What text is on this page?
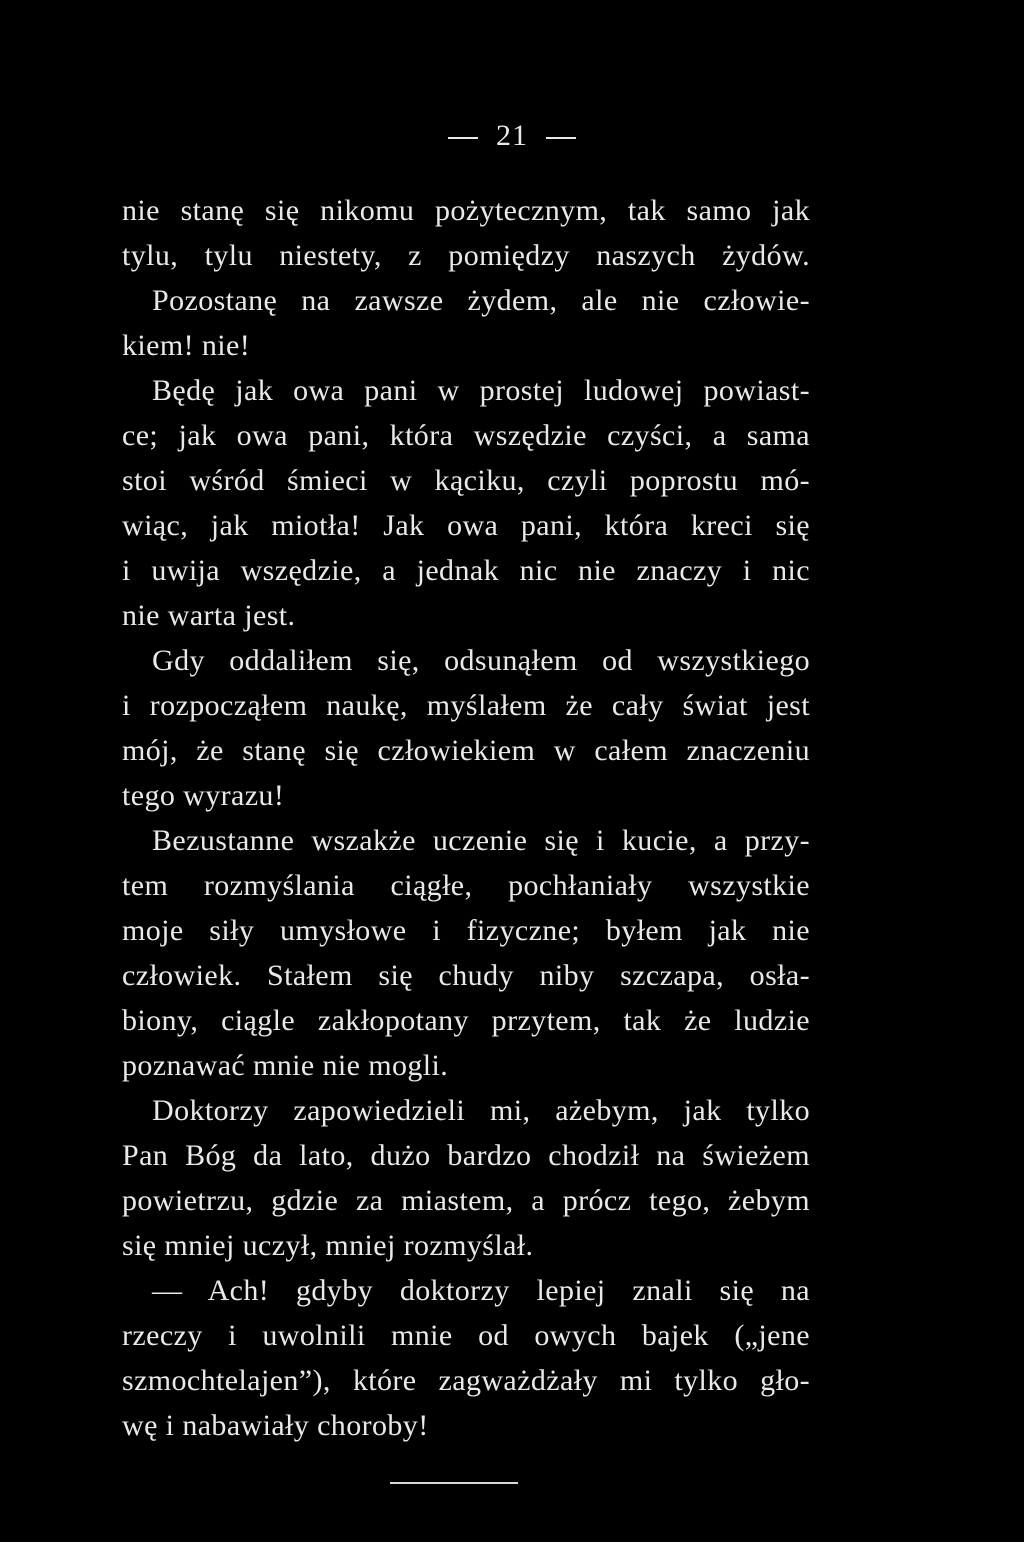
21
nie stanę się nikomu pożytecznym, tak samo jak
tylu, tylu niestety, z pomiędzy naszych żydów.
Pozostanę na zawsze żydem, ale nie człowie-
kiem! nie!
Będę jak owa pani w prostej ludowej powiast-
ce; jak owa pani, która wszędzie czyści, a sama
stoi wśród śmieci w kąciku, czyli poprostu mó-
wiąc, jak miotła! Jak owa pani, która kreci się
i uwija wszędzie, a jednak nic nie znaczy i nic
nie warta jest.
Gdy oddaliłem się, odsunąłem od wszystkiego
i rozpocząłem naukę, myślałem że cały świat jest
mój, że stanę się człowiekiem w całem znaczeniu
tego wyrazu!
Bezustanne wszakże uczenie się i kucie, a przy-
tem rozmyślania ciągłe, pochłaniały wszystkie
moje siły umysłowe i fizyczne; byłem jak nie
człowiek. Stałem się chudy niby szczapa, osła-
biony, ciągle zakłopotany przytem, tak że ludzie
poznawać mnie nie mogli.
Doktorzy zapowiedzieli mi, ażebym, jak tylko
Pan Bóg da lato, dużo bardzo chodził na świeżem
powietrzu, gdzie za miastem, a prócz tego, żebym
się mniej uczył, mniej rozmyślał.
— Ach! gdyby doktorzy lepiej znali się na
rzeczy i uwolnili mnie od owych bajek („jene
szmochtelajen”), które zagważdżały mi tylko gło-
wę i nabawiały choroby!
